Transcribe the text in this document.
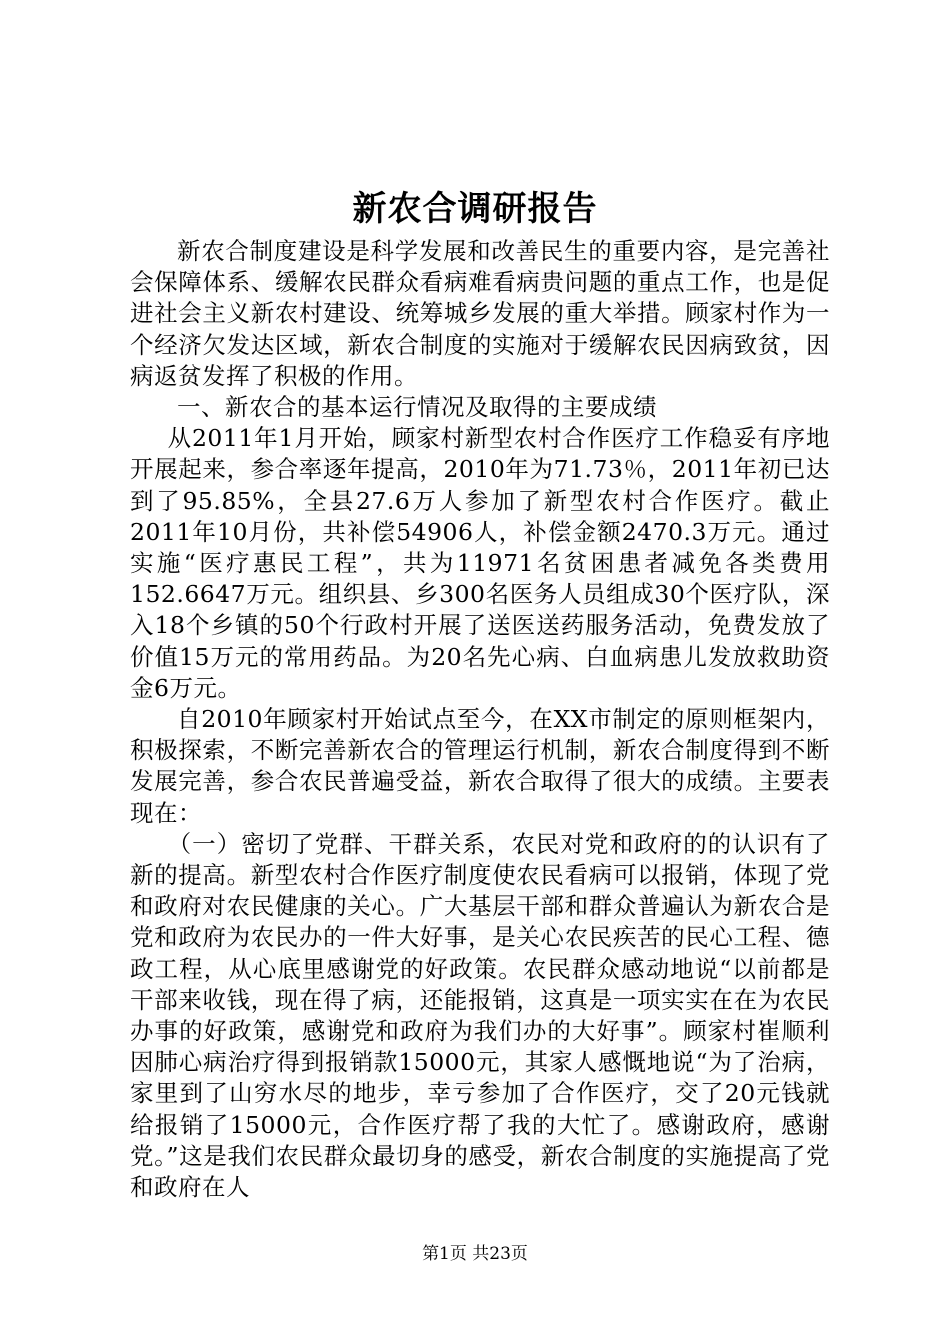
新农合调研报告

新农合制度建设是科学发展和改善民生的重要内容，是完善社会保障体系、缓解农民群众看病难看病贵问题的重点工作，也是促进社会主义新农村建设、统筹城乡发展的重大举措。顾家村作为一个经济欠发达区域，新农合制度的实施对于缓解农民因病致贫，因病返贫发挥了积极的作用。

一、新农合的基本运行情况及取得的主要成绩

从2011年1月开始，顾家村新型农村合作医疗工作稳妥有序地开展起来，参合率逐年提高，2010年为71.73％，2011年初已达到了95.85%，全县27.6万人参加了新型农村合作医疗。截止2011年10月份，共补偿54906人，补偿金额2470.3万元。通过实施“医疗惠民工程”，共为11971名贫困患者减免各类费用152.6647万元。组织县、乡300名医务人员组成30个医疗队，深入18个乡镇的50个行政村开展了送医送药服务活动，免费发放了价值15万元的常用药品。为20名先心病、白血病患儿发放救助资金6万元。

自2010年顾家村开始试点至今，在XX市制定的原则框架内，积极探索，不断完善新农合的管理运行机制，新农合制度得到不断发展完善，参合农民普遍受益，新农合取得了很大的成绩。主要表现在：

（一）密切了党群、干群关系，农民对党和政府的的认识有了新的提高。新型农村合作医疗制度使农民看病可以报销，体现了党和政府对农民健康的关心。广大基层干部和群众普遍认为新农合是党和政府为农民办的一件大好事，是关心农民疾苦的民心工程、德政工程，从心底里感谢党的好政策。农民群众感动地说“以前都是干部来收钱，现在得了病，还能报销，这真是一项实实在在为农民办事的好政策，感谢党和政府为我们办的大好事”。顾家村崔顺利因肺心病治疗得到报销款15000元，其家人感慨地说“为了治病，家里到了山穷水尽的地步，幸亏参加了合作医疗，交了20元钱就给报销了15000元，合作医疗帮了我的大忙了。感谢政府，感谢党。”这是我们农民群众最切身的感受，新农合制度的实施提高了党和政府在人

第1页 共23页
